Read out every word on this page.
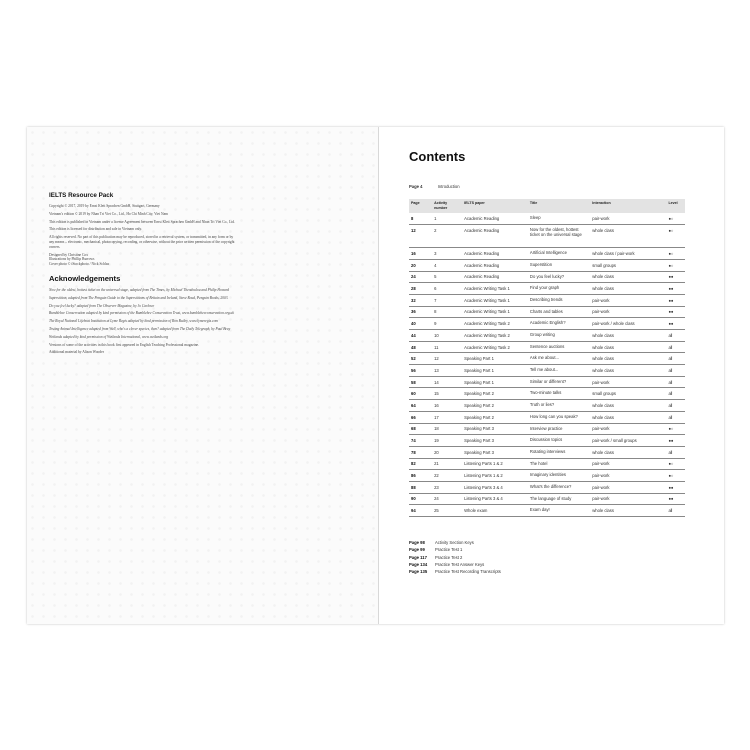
IELTS Resource Pack

Copyright © 2017, 2019 by Ernst Klett Sprachen GmbH, Stuttgart, Germany

Vietnam's edition © 2019 by Nhan Tri Viet Co., Ltd., Ho Chi Minh City, Viet Nam

This edition is published in Vietnam under a license Agreement between Ernst Klett Sprachen GmbH and Nhan Tri Viet Co., Ltd.

This edition is licensed for distribution and sale in Vietnam only.

All rights reserved. No part of this publication may be reproduced, stored in a retrieval system, or transmitted, in any form or by any means – electronic, mechanical, photocopying, recording, or otherwise, without the prior written permission of the copyright owners.

Designed by Christine Cox
Illustrations by Phillip Burrows
Cover photo © iStockphoto / Nick Schlax

Acknowledgements

Now for the oldest, hottest ticket on the universal stage, adapted from The Times, by Michael Theodoulou and Philip Howard

Superstition, adapted from The Penguin Guide to the Superstitions of Britain and Ireland, Steve Roud, Penguin Books, 2003.

Do you feel lucky? adapted from The Observer Magazine, by Jo Carlowe

Bumblebee Conservation adapted by kind permission of the Bumblebee Conservation Trust, www.bumblebeeconservation.org.uk

The Royal National Lifeboat Institution at Lyme Regis adapted by kind permission of Ron Bailey, www.lymeregis.com

Testing Animal Intelligence adapted from Well, who's a clever species, then? adapted from The Daily Telegraph, by Paul Bray

Wetlands adapted by kind permission of Wetlands International, www.wetlands.org

Versions of some of the activities in this book first appeared in English Teaching Professional magazine.

Additional material by Alison Wooder

Contents
Page 4	Introduction
Page	Activity number	IELTS paper	Title	Interaction	Level
8	1	Academic Reading	Sleep	pair-work	●○
12	2	Academic Reading	Now for the oldest, hottest ticket on the universal stage	whole class	●○
16	3	Academic Reading	Artificial Intelligence	whole class / pair-work	●○
20	4	Academic Reading	Superstition	small groups	●○
24	5	Academic Reading	Do you feel lucky?	whole class	●●
28	6	Academic Writing Task 1	Find your graph	whole class	●●
32	7	Academic Writing Task 1	Describing trends	pair-work	●●
36	8	Academic Writing Task 1	Charts and tables	pair-work	●●
40	9	Academic Writing Task 2	Academic English?	pair-work / whole class	●●
44	10	Academic Writing Task 2	Group writing	whole class	all
48	11	Academic Writing Task 2	Sentence auctions	whole class	all
52	12	Speaking Part 1	Ask me about...	whole class	all
56	13	Speaking Part 1	Tell me about...	whole class	all
58	14	Speaking Part 1	Similar or different?	pair-work	all
60	15	Speaking Part 2	Two-minute talks	small groups	all
64	16	Speaking Part 2	Truth or lies?	whole class	all
66	17	Speaking Part 2	How long can you speak?	whole class	all
68	18	Speaking Part 3	Interview practice	pair-work	●○
74	19	Speaking Part 3	Discussion topics	pair-work / small groups	●●
78	20	Speaking Part 3	Rotating interviews	whole class	all
82	21	Listening Parts 1 & 2	The hotel	pair-work	●○
86	22	Listening Parts 1 & 2	Imaginary identities	pair-work	●○
88	23	Listening Parts 3 & 4	What's the difference?	pair-work	●●
90	24	Listening Parts 3 & 4	The language of study	pair-work	●●
94	25	Whole exam	Exam day!	whole class	all
Page 98	Activity Section Keys
Page 99	Practice Test 1
Page 117	Practice Test 2
Page 134	Practice Test Answer Keys
Page 135	Practice Test Recording Transcripts
